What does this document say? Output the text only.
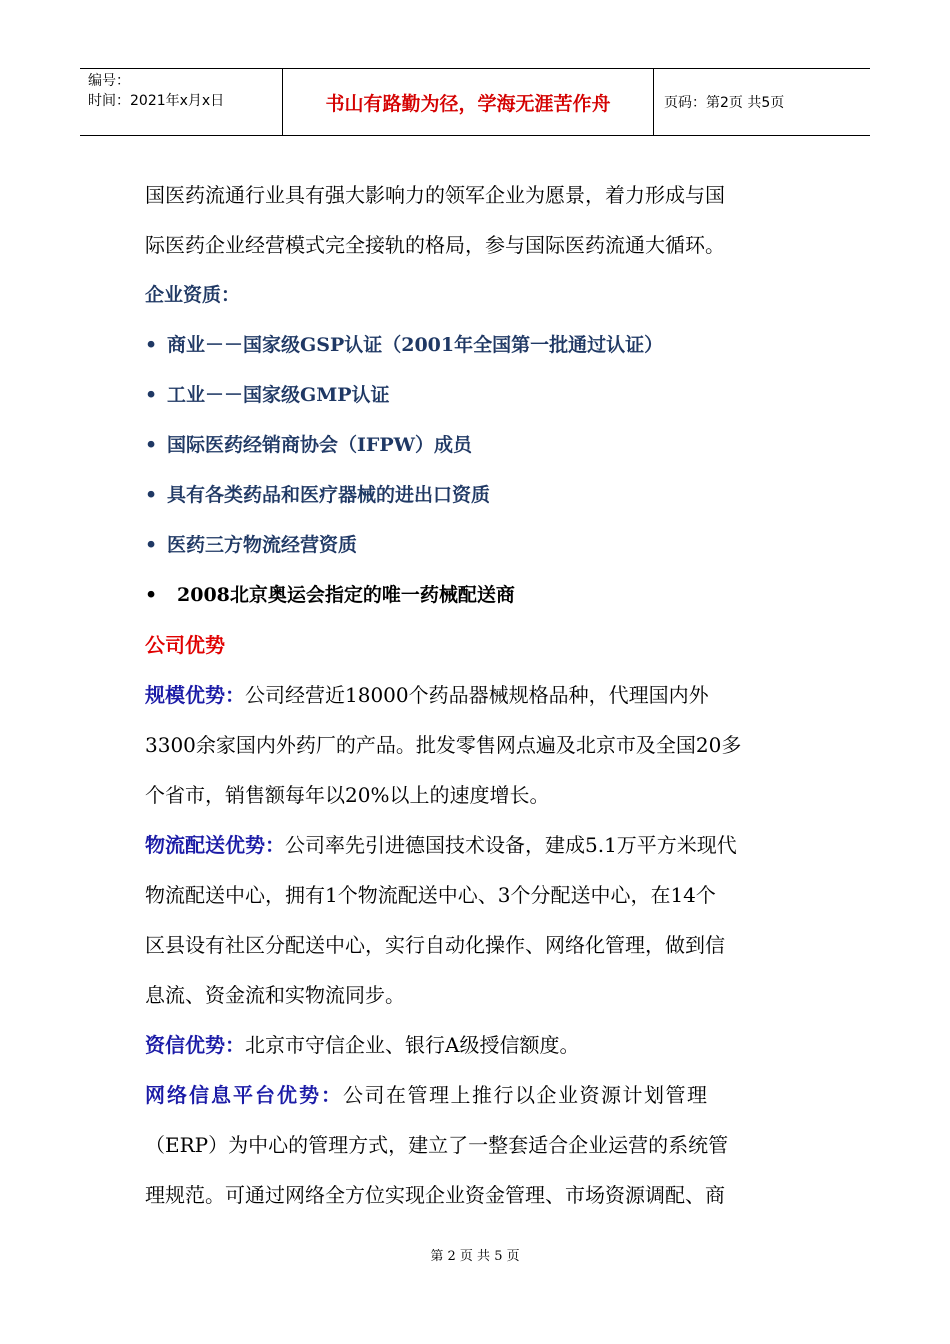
编号：
时间：2021年x月x日	书山有路勤为径，学海无涯苦作舟	页码：第2页 共5页

国医药流通行业具有强大影响力的领军企业为愿景，着力形成与国
际医药企业经营模式完全接轨的格局，参与国际医药流通大循环。

企业资质：

• 商业－－国家级GSP认证（2001年全国第一批通过认证）
• 工业－－国家级GMP认证
• 国际医药经销商协会（IFPW）成员
• 具有各类药品和医疗器械的进出口资质
• 医药三方物流经营资质
• 2008北京奥运会指定的唯一药械配送商

公司优势

规模优势：公司经营近18000个药品器械规格品种，代理国内外
3300余家国内外药厂的产品。批发零售网点遍及北京市及全国20多
个省市，销售额每年以20%以上的速度增长。

物流配送优势：公司率先引进德国技术设备，建成5.1万平方米现代
物流配送中心，拥有1个物流配送中心、3个分配送中心，在14个
区县设有社区分配送中心，实行自动化操作、网络化管理，做到信
息流、资金流和实物流同步。

资信优势：北京市守信企业、银行A级授信额度。

网络信息平台优势：公司在管理上推行以企业资源计划管理
（ERP）为中心的管理方式，建立了一整套适合企业运营的系统管
理规范。可通过网络全方位实现企业资金管理、市场资源调配、商

第 2 页 共 5 页
